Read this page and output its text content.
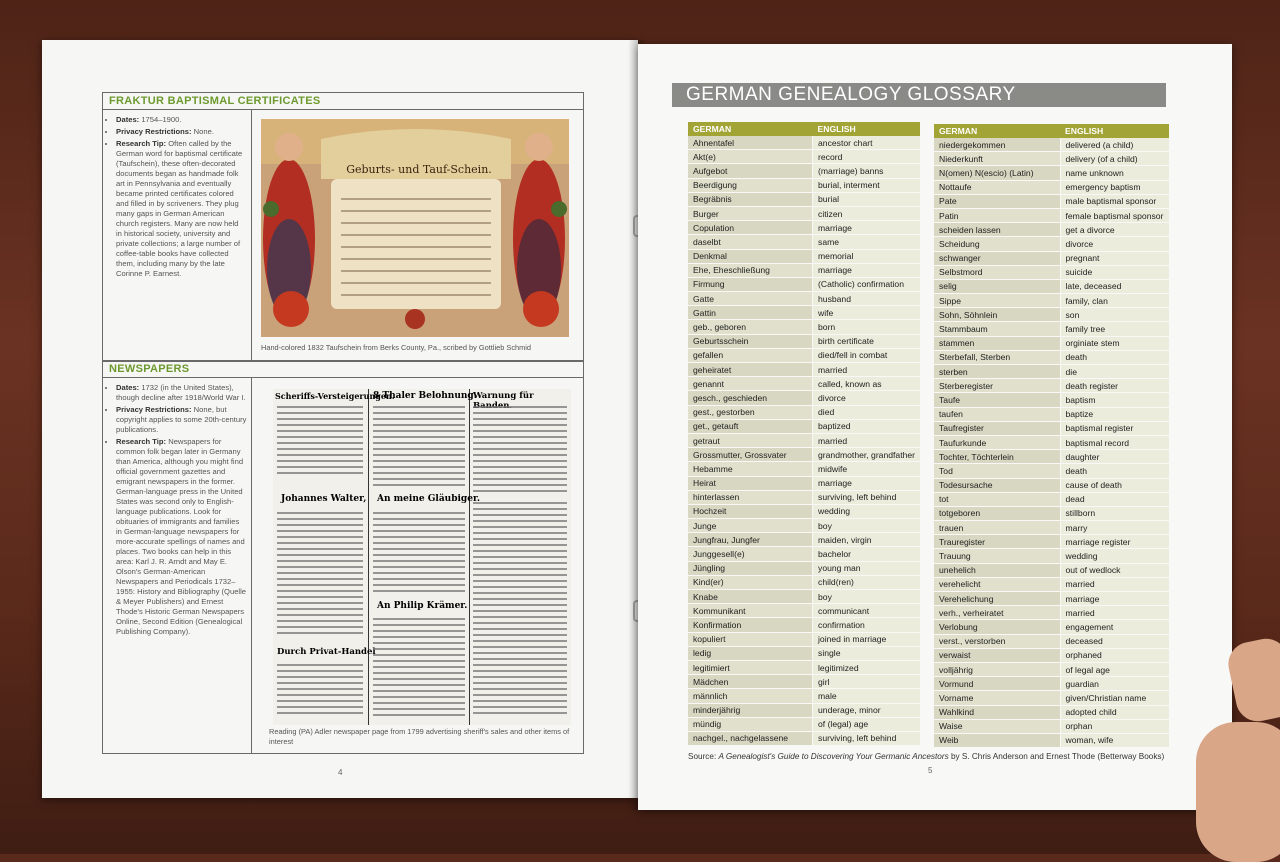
FRAKTUR BAPTISMAL CERTIFICATES
• Dates: 1754–1900.
• Privacy Restrictions: None.
• Research Tip: Often called by the German word for baptismal certificate (Taufschein), these often-decorated documents began as handmade folk art in Pennsylvania and eventually became printed certificates colored and filled in by scriveners. They plug many gaps in German American church registers. Many are now held in historical society, university and private collections; a large number of coffee-table books have collected them, including many by the late Corinne P. Earnest.
Geburts- und Tauf-Schein.
Hand-colored 1832 Taufschein from Berks County, Pa., scribed by Gottlieb Schmid
NEWSPAPERS
• Dates: 1732 (in the United States), though decline after 1918/World War I.
• Privacy Restrictions: None, but copyright applies to some 20th-century publications.
• Research Tip: Newspapers for common folk began later in Germany than America, although you might find official government gazettes and emigrant newspapers in the former. German-language press in the United States was second only to English-language publications. Look for obituaries of immigrants and families in German-language newspapers for more-accurate spellings of names and places. Two books can help in this area: Karl J. R. Arndt and May E. Olson's German-American Newspapers and Periodicals 1732–1955: History and Bibliography (Quelle & Meyer Publishers) and Ernest Thode's Historic German Newspapers Online, Second Edition (Genealogical Publishing Company).
Scheriffs-Versteigerungen.
8 Thaler Belohnung.
Warnung für Banden.
Johannes Walter, An meine Gläubiger.
An Philip Krämer.
Durch Privat-Handel
Reading (PA) Adler newspaper page from 1799 advertising sheriff's sales and other items of interest
4
GERMAN GENEALOGY GLOSSARY
GERMAN	ENGLISH
Ahnentafel	ancestor chart
Akt(e)	record
Aufgebot	(marriage) banns
Beerdigung	burial, interment
Begräbnis	burial
Burger	citizen
Copulation	marriage
daselbt	same
Denkmal	memorial
Ehe, Eheschließung	marriage
Firmung	(Catholic) confirmation
Gatte	husband
Gattin	wife
geb., geboren	born
Geburtsschein	birth certificate
gefallen	died/fell in combat
geheiratet	married
genannt	called, known as
gesch., geschieden	divorce
gest., gestorben	died
get., getauft	baptized
getraut	married
Grossmutter, Grossvater	grandmother, grandfather
Hebamme	midwife
Heirat	marriage
hinterlassen	surviving, left behind
Hochzeit	wedding
Junge	boy
Jungfrau, Jungfer	maiden, virgin
Junggesell(e)	bachelor
Jüngling	young man
Kind(er)	child(ren)
Knabe	boy
Kommunikant	communicant
Konfirmation	confirmation
kopuliert	joined in marriage
ledig	single
legitimiert	legitimized
Mädchen	girl
männlich	male
minderjährig	underage, minor
mündig	of (legal) age
nachgel., nachgelassene	surviving, left behind
GERMAN	ENGLISH
niedergekommen	delivered (a child)
Niederkunft	delivery (of a child)
N(omen) N(escio) (Latin)	name unknown
Nottaufe	emergency baptism
Pate	male baptismal sponsor
Patin	female baptismal sponsor
scheiden lassen	get a divorce
Scheidung	divorce
schwanger	pregnant
Selbstmord	suicide
selig	late, deceased
Sippe	family, clan
Sohn, Söhnlein	son
Stammbaum	family tree
stammen	orginiate stem
Sterbefall, Sterben	death
sterben	die
Sterberegister	death register
Taufe	baptism
taufen	baptize
Taufregister	baptismal register
Taufurkunde	baptismal record
Tochter, Töchterlein	daughter
Tod	death
Todesursache	cause of death
tot	dead
totgeboren	stillborn
trauen	marry
Trauregister	marriage register
Trauung	wedding
unehelich	out of wedlock
verehelicht	married
Verehelichung	marriage
verh., verheiratet	married
Verlobung	engagement
verst., verstorben	deceased
verwaist	orphaned
volljährig	of legal age
Vormund	guardian
Vorname	given/Christian name
Wahlkind	adopted child
Waise	orphan
Weib	woman, wife
Source: A Genealogist's Guide to Discovering Your Germanic Ancestors by S. Chris Anderson and Ernest Thode (Betterway Books)
5
